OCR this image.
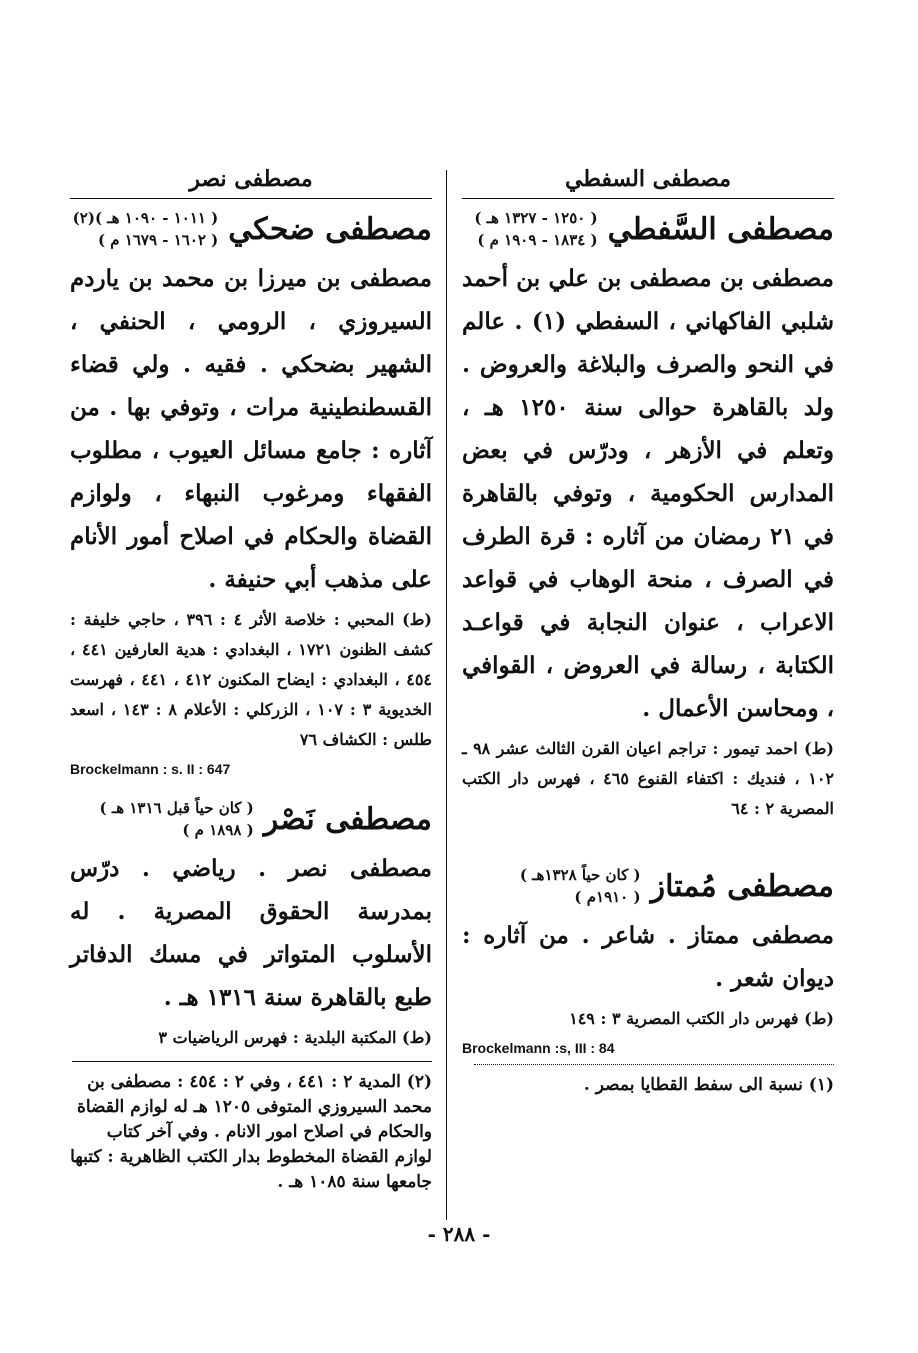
مصطفى السفطي
مصطفى السَّفطي
( ١٢٥٠ - ١٣٢٧ هـ )
( ١٨٣٤ - ١٩٠٩ م )

مصطفى بن مصطفى بن علي بن أحمد شلبي الفاكهاني ، السفطي (١) . عالم في النحو والصرف والبلاغة والعروض . ولد بالقاهرة حوالى سنة ١٢٥٠ هـ ، وتعلم في الأزهر ، ودرّس في بعض المدارس الحكومية ، وتوفي بالقاهرة في ٢١ رمضان من آثاره : قرة الطرف في الصرف ، منحة الوهاب في قواعد الاعراب ، عنوان النجابة في قواعـد الكتابة ، رسالة في العروض ، القوافي ، ومحاسن الأعمال .

(ط) احمد تيمور : تراجم اعيان القرن الثالث عشر ٩٨ ـ ١٠٢ ، فنديك : اكتفاء القنوع ٤٦٥ ، فهرس دار الكتب المصرية ٢ : ٦٤

مصطفى مُمتاز
( كان حياً ١٣٢٨هـ )
( ١٩١٠م )

مصطفى ممتاز . شاعر . من آثاره : ديوان شعر .

(ط) فهرس دار الكتب المصرية ٣ : ١٤٩

Brockelmann :s, III : 84

(١) نسبة الى سفط القطايا بمصر .

مصطفى نصر
مصطفى ضحكي
( ١٠١١ - ١٠٩٠ هـ )(٢)
( ١٦٠٢ - ١٦٧٩ م )

مصطفى بن ميرزا بن محمد بن ياردم السيروزي ، الرومي ، الحنفي ، الشهير بضحكي . فقيه . ولي قضاء القسطنطينية مرات ، وتوفي بها . من آثاره : جامع مسائل العيوب ، مطلوب الفقهاء ومرغوب النبهاء ، ولوازم القضاة والحكام في اصلاح أمور الأنام على مذهب أبي حنيفة .

(ط) المحبي : خلاصة الأثر ٤ : ٣٩٦ ، حاجي خليفة : كشف الظنون ١٧٢١ ، البغدادي : هدية العارفين ٤٤١ ، ٤٥٤ ، البغدادي : ايضاح المكنون ٤١٢ ، ٤٤١ ، فهرست الخديوية ٣ : ١٠٧ ، الزركلي : الأعلام ٨ : ١٤٣ ، اسعد طلس : الكشاف ٧٦

Brockelmann : s. II : 647
مصطفى نَصْر
( كان حياً قبل ١٣١٦ هـ )
( ١٨٩٨ م )

مصطفى نصر . رياضي . درّس بمدرسة الحقوق المصرية . له الأسلوب المتواتر في مسك الدفاتر طبع بالقاهرة سنة ١٣١٦ هـ .

(ط) المكتبة البلدية : فهرس الرياضيات ٣

(٢) المدية ٢ : ٤٤١ ، وفي ٢ : ٤٥٤ : مصطفى بن محمد السيروزي المتوفى ١٢٠٥ هـ له لوازم القضاة والحكام في اصلاح امور الانام . وفي آخر كتاب لوازم القضاة المخطوط بدار الكتب الظاهرية : كتبها جامعها سنة ١٠٨٥ هـ .

- ٢٨٨ -
